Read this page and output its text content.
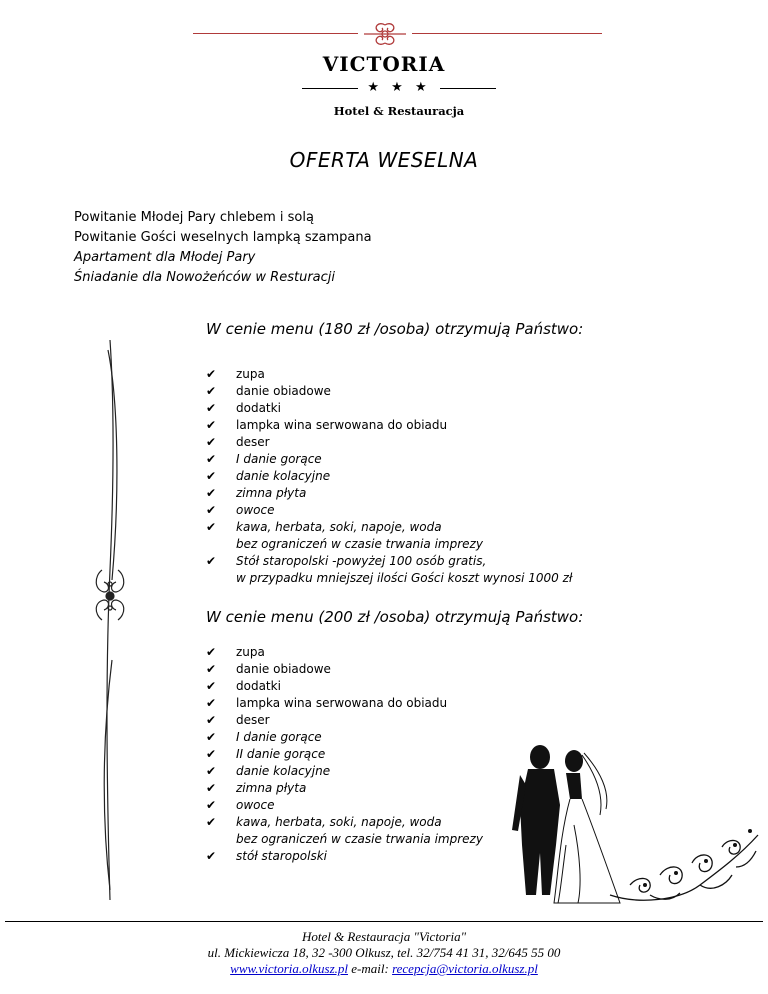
VICTORIA
★ ★ ★
Hotel & Restauracja
OFERTA WESELNA
Powitanie Młodej Pary chlebem i solą
Powitanie Gości weselnych lampką szampana
Apartament dla Młodej Pary
Śniadanie dla Nowożeńców w Resturacji
W cenie menu (180 zł /osoba) otrzymują Państwo:
✔ zupa
✔ danie obiadowe
✔ dodatki
✔ lampka wina serwowana do obiadu
✔ deser
✔ I danie gorące
✔ danie kolacyjne
✔ zimna płyta
✔ owoce
✔ kawa, herbata, soki, napoje, woda
bez ograniczeń w czasie trwania imprezy
✔ Stół staropolski -powyżej 100 osób gratis,
w przypadku mniejszej ilości Gości koszt wynosi 1000 zł
W cenie menu (200 zł /osoba) otrzymują Państwo:
✔ zupa
✔ danie obiadowe
✔ dodatki
✔ lampka wina serwowana do obiadu
✔ deser
✔ I danie gorące
✔ II danie gorące
✔ danie kolacyjne
✔ zimna płyta
✔ owoce
✔ kawa, herbata, soki, napoje, woda
bez ograniczeń w czasie trwania imprezy
✔ stół staropolski
Hotel & Restauracja "Victoria"
ul. Mickiewicza 18, 32 -300 Olkusz, tel. 32/754 41 31, 32/645 55 00
www.victoria.olkusz.pl e-mail: recepcja@victoria.olkusz.pl
